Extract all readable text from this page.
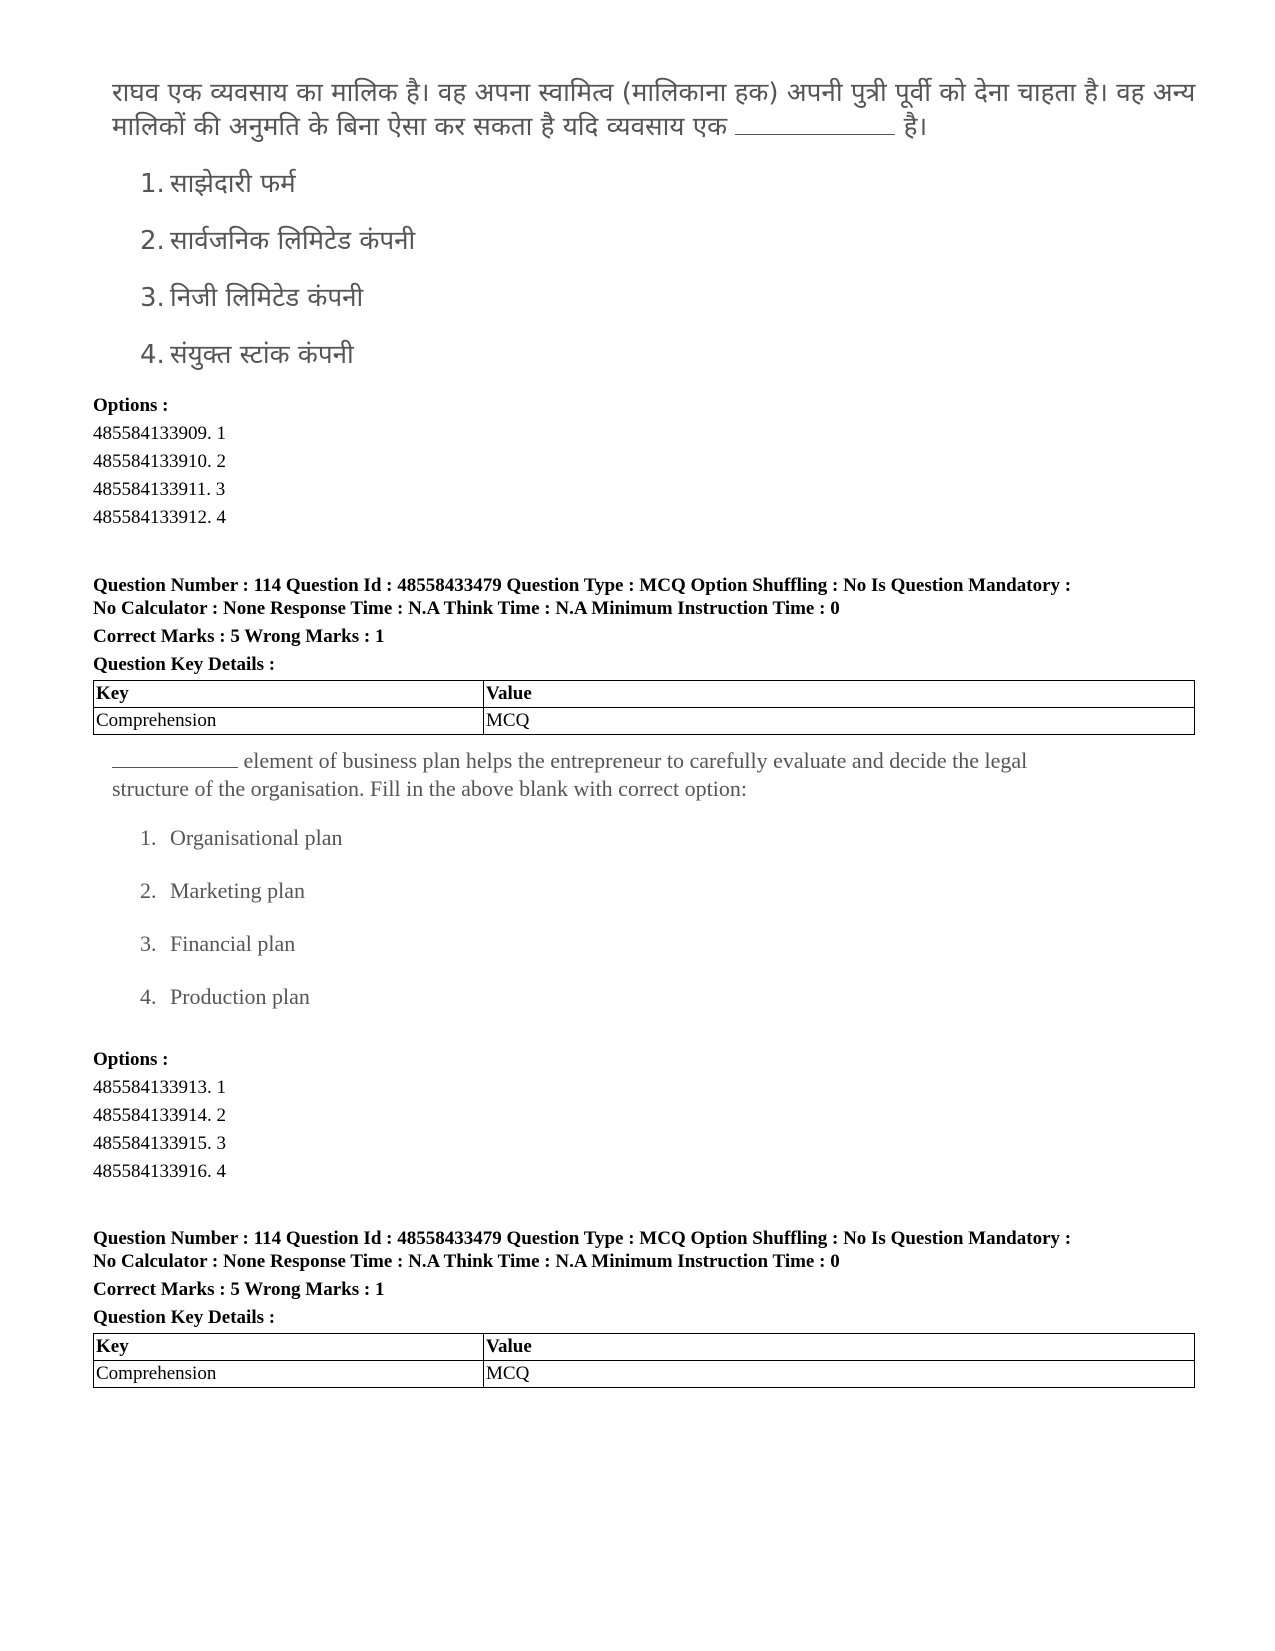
राघव एक व्यवसाय का मालिक है। वह अपना स्वामित्व (मालिकाना हक) अपनी पुत्री पूर्वी को देना चाहता है। वह अन्य
मालिकों की अनुमति के बिना ऐसा कर सकता है यदि व्यवसाय एक	है।
1. साझेदारी फर्म
2. सार्वजनिक लिमिटेड कंपनी
3. निजी लिमिटेड कंपनी
4. संयुक्त स्टांक कंपनी
Options :
485584133909. 1
485584133910. 2
485584133911. 3
485584133912. 4
Question Number : 114 Question Id : 48558433479 Question Type : MCQ Option Shuffling : No Is Question Mandatory :
No Calculator : None Response Time : N.A Think Time : N.A Minimum Instruction Time : 0
Correct Marks : 5 Wrong Marks : 1
Question Key Details :
Key	Value
Comprehension	MCQ
element of business plan helps the entrepreneur to carefully evaluate and decide the legal
structure of the organisation. Fill in the above blank with correct option:
1. Organisational plan
2. Marketing plan
3. Financial plan
4. Production plan
Options :
485584133913. 1
485584133914. 2
485584133915. 3
485584133916. 4
Question Number : 114 Question Id : 48558433479 Question Type : MCQ Option Shuffling : No Is Question Mandatory :
No Calculator : None Response Time : N.A Think Time : N.A Minimum Instruction Time : 0
Correct Marks : 5 Wrong Marks : 1
Question Key Details :
Key	Value
Comprehension	MCQ
